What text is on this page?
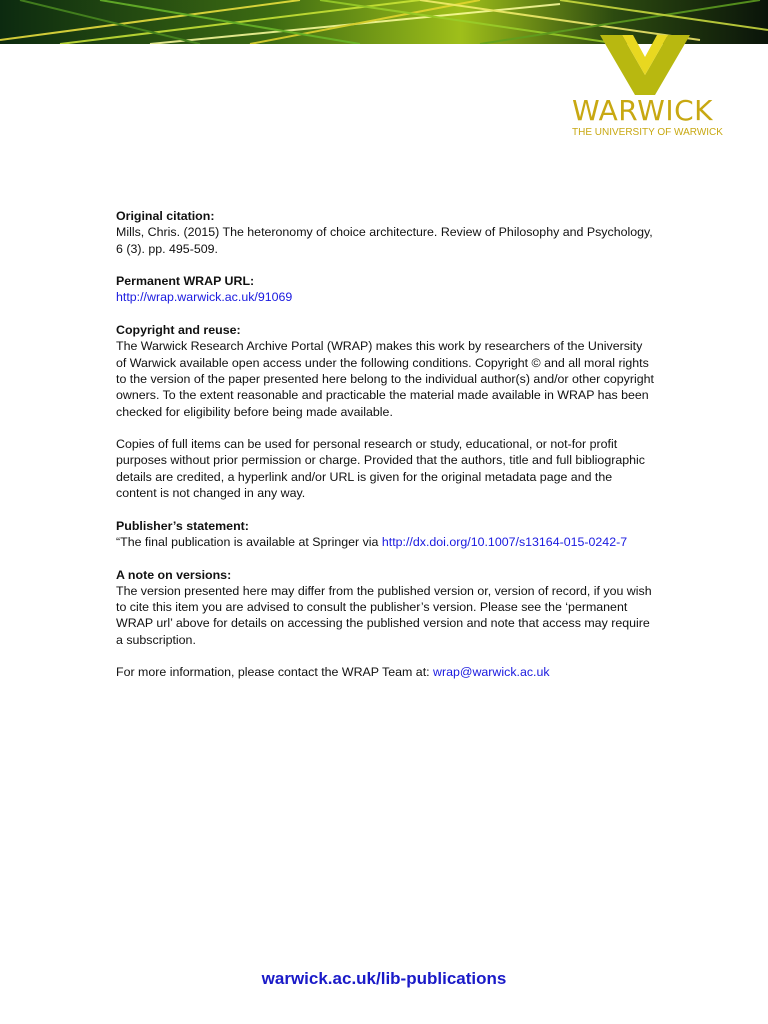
WARWICK
THE UNIVERSITY OF WARWICK

Original citation:
Mills, Chris. (2015) The heteronomy of choice architecture. Review of Philosophy and Psychology, 6 (3). pp. 495-509.

Permanent WRAP URL:
http://wrap.warwick.ac.uk/91069

Copyright and reuse:
The Warwick Research Archive Portal (WRAP) makes this work by researchers of the University of Warwick available open access under the following conditions. Copyright © and all moral rights to the version of the paper presented here belong to the individual author(s) and/or other copyright owners. To the extent reasonable and practicable the material made available in WRAP has been checked for eligibility before being made available.

Copies of full items can be used for personal research or study, educational, or not-for profit purposes without prior permission or charge. Provided that the authors, title and full bibliographic details are credited, a hyperlink and/or URL is given for the original metadata page and the content is not changed in any way.

Publisher’s statement:
“The final publication is available at Springer via http://dx.doi.org/10.1007/s13164-015-0242-7

A note on versions:
The version presented here may differ from the published version or, version of record, if you wish to cite this item you are advised to consult the publisher’s version. Please see the ‘permanent WRAP url’ above for details on accessing the published version and note that access may require a subscription.

For more information, please contact the WRAP Team at: wrap@warwick.ac.uk

warwick.ac.uk/lib-publications
